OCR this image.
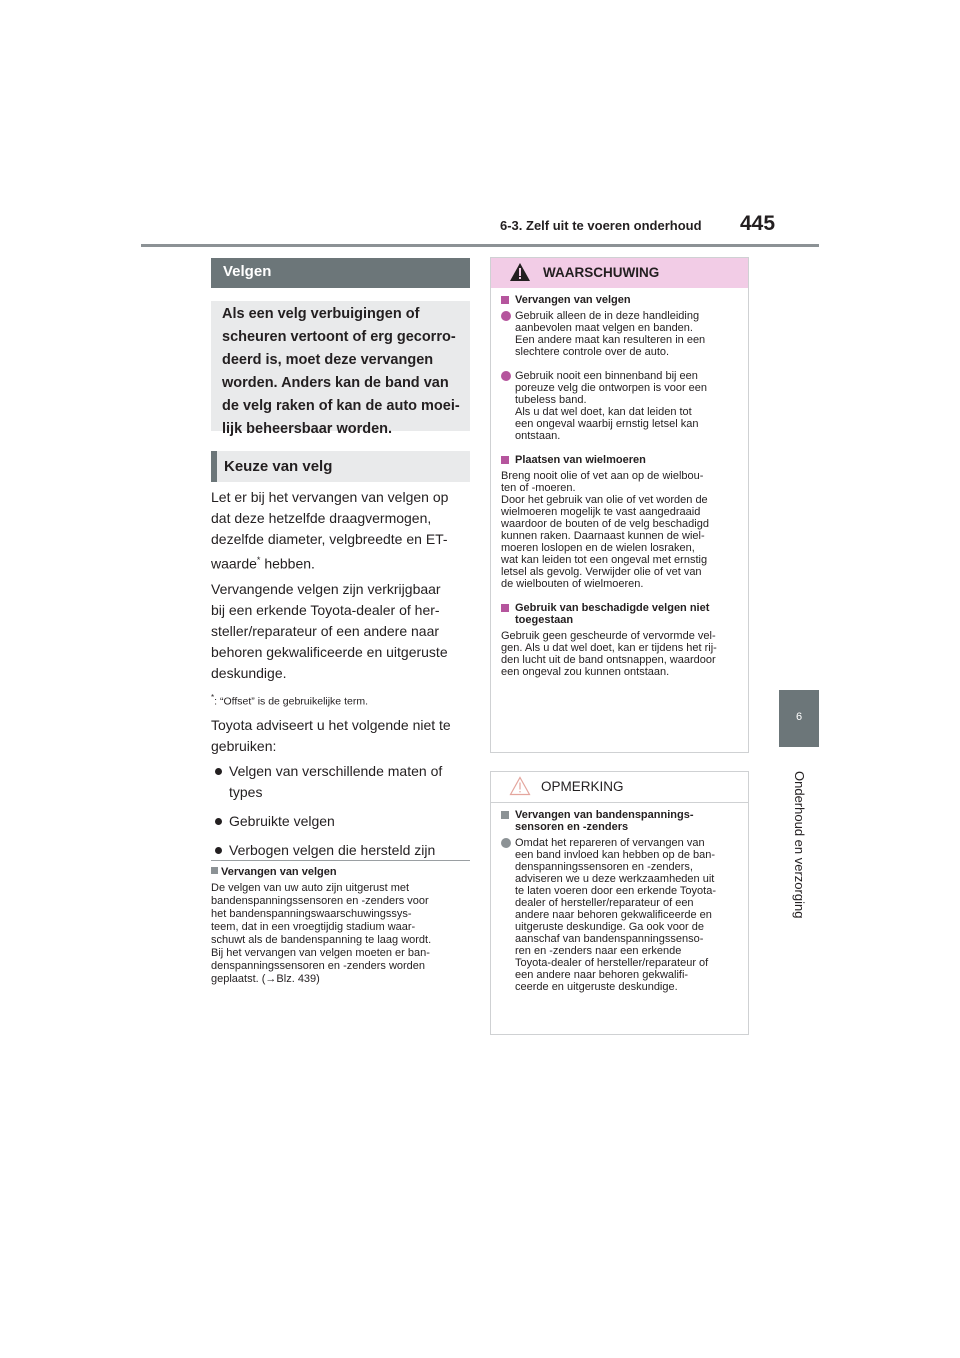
6-3. Zelf uit te voeren onderhoud 445
6
Onderhoud en verzorging
Velgen

Als een velg verbuigingen of
scheuren vertoont of erg gecorro-
deerd is, moet deze vervangen
worden. Anders kan de band van
de velg raken of kan de auto moei-
lijk beheersbaar worden.

Keuze van velg

Let er bij het vervangen van velgen op
dat deze hetzelfde draagvermogen,
dezelfde diameter, velgbreedte en ET-
waarde* hebben.

Vervangende velgen zijn verkrijgbaar
bij een erkende Toyota-dealer of her-
steller/reparateur of een andere naar
behoren gekwalificeerde en uitgeruste
deskundige.

*: “Offset” is de gebruikelijke term.

Toyota adviseert u het volgende niet te
gebruiken:

Velgen van verschillende maten of
types

Gebruikte velgen

Verbogen velgen die hersteld zijn

Vervangen van velgen
De velgen van uw auto zijn uitgerust met
bandenspanningssensoren en -zenders voor
het bandenspanningswaarschuwingssys-
teem, dat in een vroegtijdig stadium waar-
schuwt als de bandenspanning te laag wordt.
Bij het vervangen van velgen moeten er ban-
denspanningssensoren en -zenders worden
geplaatst. (→Blz. 439)
WAARSCHUWING

Vervangen van velgen

Gebruik alleen de in deze handleiding
aanbevolen maat velgen en banden.
Een andere maat kan resulteren in een
slechtere controle over de auto.

Gebruik nooit een binnenband bij een
poreuze velg die ontworpen is voor een
tubeless band.
Als u dat wel doet, kan dat leiden tot
een ongeval waarbij ernstig letsel kan
ontstaan.

Plaatsen van wielmoeren

Breng nooit olie of vet aan op de wielbou-
ten of -moeren.
Door het gebruik van olie of vet worden de
wielmoeren mogelijk te vast aangedraaid
waardoor de bouten of de velg beschadigd
kunnen raken. Daarnaast kunnen de wiel-
moeren loslopen en de wielen losraken,
wat kan leiden tot een ongeval met ernstig
letsel als gevolg. Verwijder olie of vet van
de wielbouten of wielmoeren.

Gebruik van beschadigde velgen niet
toegestaan

Gebruik geen gescheurde of vervormde vel-
gen. Als u dat wel doet, kan er tijdens het rij-
den lucht uit de band ontsnappen, waardoor
een ongeval zou kunnen ontstaan.

OPMERKING

Vervangen van bandenspannings-
sensoren en -zenders

Omdat het repareren of vervangen van
een band invloed kan hebben op de ban-
denspanningssensoren en -zenders,
adviseren we u deze werkzaamheden uit
te laten voeren door een erkende Toyota-
dealer of hersteller/reparateur of een
andere naar behoren gekwalificeerde en
uitgeruste deskundige. Ga ook voor de
aanschaf van bandenspanningssenso-
ren en -zenders naar een erkende
Toyota-dealer of hersteller/reparateur of
een andere naar behoren gekwalifi-
ceerde en uitgeruste deskundige.
